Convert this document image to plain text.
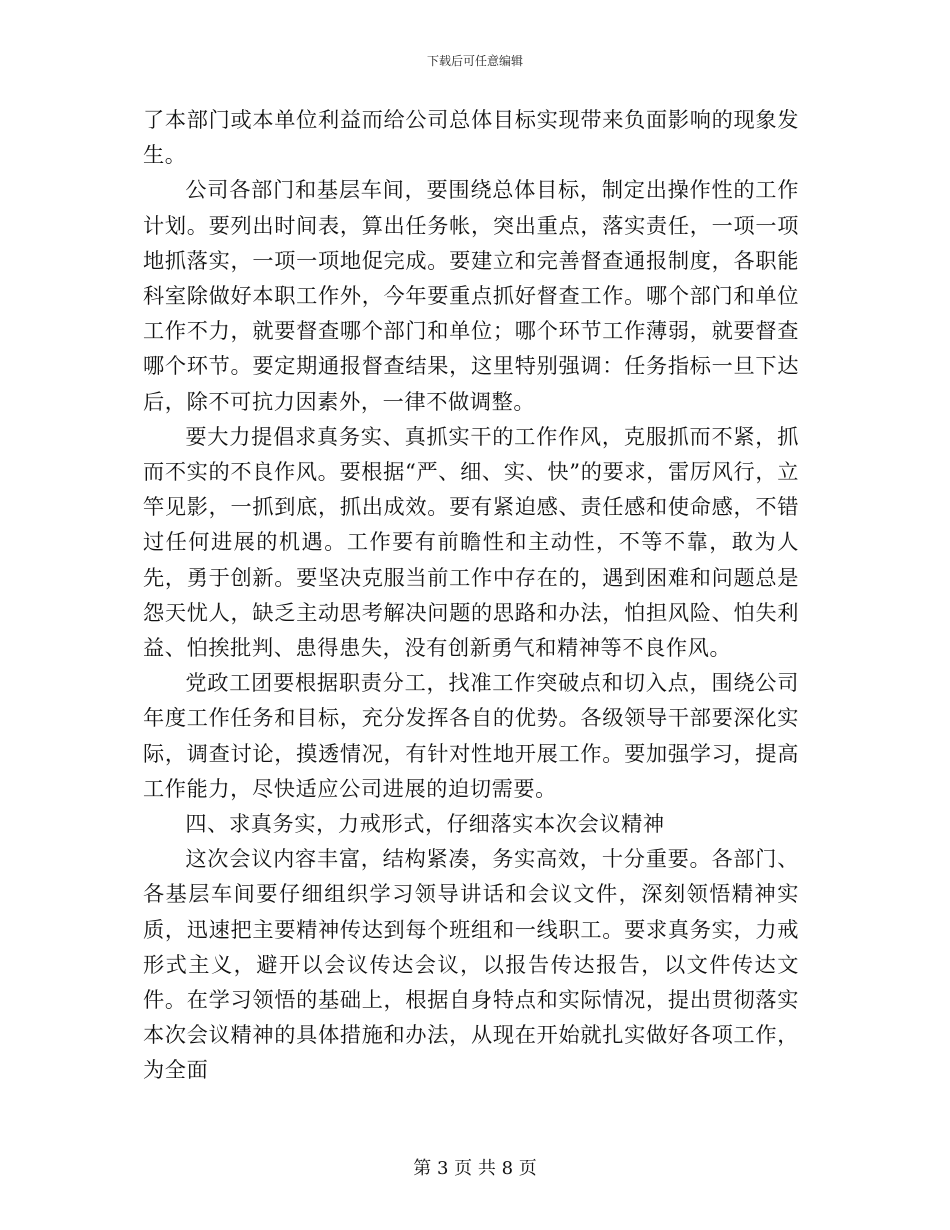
下载后可任意编辑

了本部门或本单位利益而给公司总体目标实现带来负面影响的现象发生。

公司各部门和基层车间，要围绕总体目标，制定出操作性的工作计划。要列出时间表，算出任务帐，突出重点，落实责任，一项一项地抓落实，一项一项地促完成。要建立和完善督查通报制度，各职能科室除做好本职工作外，今年要重点抓好督查工作。哪个部门和单位工作不力，就要督查哪个部门和单位；哪个环节工作薄弱，就要督查哪个环节。要定期通报督查结果，这里特别强调：任务指标一旦下达后，除不可抗力因素外，一律不做调整。

要大力提倡求真务实、真抓实干的工作作风，克服抓而不紧，抓而不实的不良作风。要根据“严、细、实、快”的要求，雷厉风行，立竿见影，一抓到底，抓出成效。要有紧迫感、责任感和使命感，不错过任何进展的机遇。工作要有前瞻性和主动性，不等不靠，敢为人先，勇于创新。要坚决克服当前工作中存在的，遇到困难和问题总是怨天忧人，缺乏主动思考解决问题的思路和办法，怕担风险、怕失利益、怕挨批判、患得患失，没有创新勇气和精神等不良作风。

党政工团要根据职责分工，找准工作突破点和切入点，围绕公司年度工作任务和目标，充分发挥各自的优势。各级领导干部要深化实际，调查讨论，摸透情况，有针对性地开展工作。要加强学习，提高工作能力，尽快适应公司进展的迫切需要。

四、求真务实，力戒形式，仔细落实本次会议精神

这次会议内容丰富，结构紧凑，务实高效，十分重要。各部门、各基层车间要仔细组织学习领导讲话和会议文件，深刻领悟精神实质，迅速把主要精神传达到每个班组和一线职工。要求真务实，力戒形式主义，避开以会议传达会议，以报告传达报告，以文件传达文件。在学习领悟的基础上，根据自身特点和实际情况，提出贯彻落实本次会议精神的具体措施和办法，从现在开始就扎实做好各项工作，为全面

第 3 页 共 8 页
